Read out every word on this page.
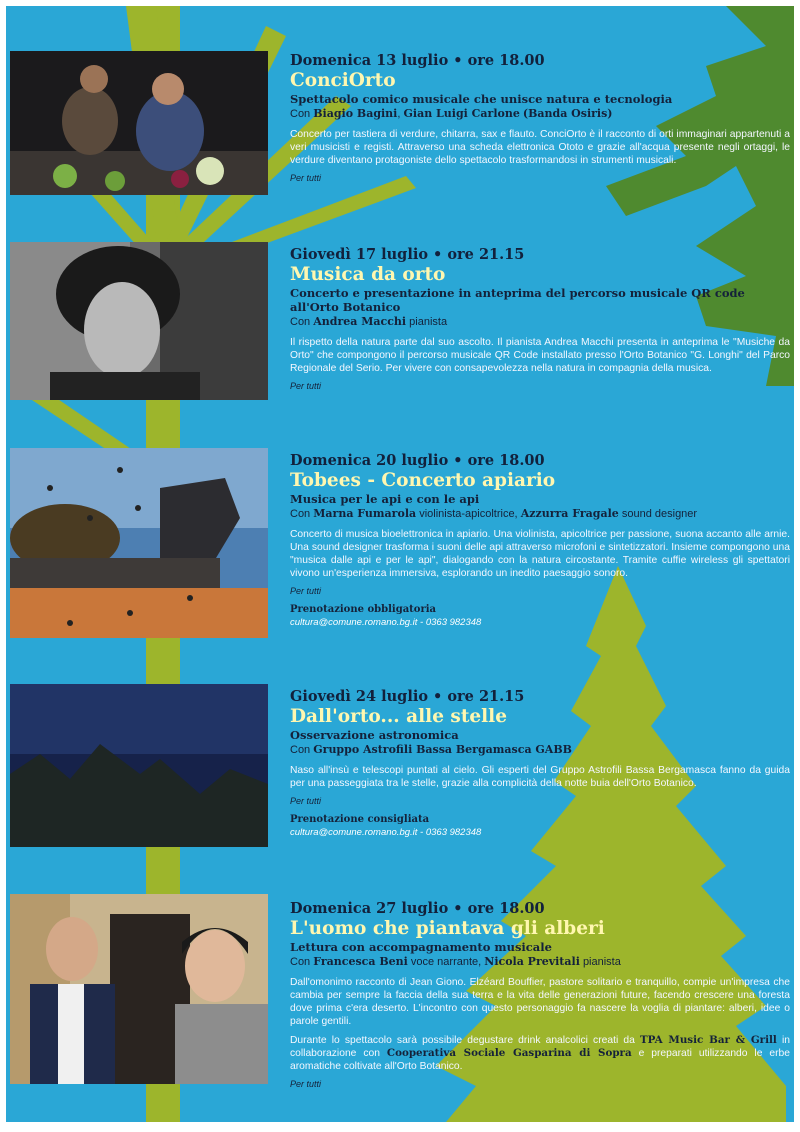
Domenica 13 luglio • ore 18.00
ConciOrto
Spettacolo comico musicale che unisce natura e tecnologia
Con Biagio Bagini, Gian Luigi Carlone (Banda Osiris)
Concerto per tastiera di verdure, chitarra, sax e flauto. ConciOrto è il racconto di orti immaginari appartenuti a veri musicisti e registi. Attraverso una scheda elettronica Ototo e grazie all'acqua presente negli ortaggi, le verdure diventano protagoniste dello spettacolo trasformandosi in strumenti musicali.
Per tutti
Giovedì 17 luglio • ore 21.15
Musica da orto
Concerto e presentazione in anteprima del percorso musicale QR code all'Orto Botanico
Con Andrea Macchi pianista
Il rispetto della natura parte dal suo ascolto. Il pianista Andrea Macchi presenta in anteprima le "Musiche da Orto" che compongono il percorso musicale QR Code installato presso l'Orto Botanico "G. Longhi" del Parco Regionale del Serio. Per vivere con consapevolezza nella natura in compagnia della musica.
Per tutti
Domenica 20 luglio • ore 18.00
Tobees - Concerto apiario
Musica per le api e con le api
Con Marna Fumarola violinista-apicoltrice, Azzurra Fragale sound designer
Concerto di musica bioelettronica in apiario. Una violinista, apicoltrice per passione, suona accanto alle arnie. Una sound designer trasforma i suoni delle api attraverso microfoni e sintetizzatori. Insieme compongono una "musica dalle api e per le api", dialogando con la natura circostante. Tramite cuffie wireless gli spettatori vivono un'esperienza immersiva, esplorando un inedito paesaggio sonoro.
Per tutti
Prenotazione obbligatoria
cultura@comune.romano.bg.it - 0363 982348
Giovedì 24 luglio • ore 21.15
Dall'orto... alle stelle
Osservazione astronomica
Con Gruppo Astrofili Bassa Bergamasca GABB
Naso all'insù e telescopi puntati al cielo. Gli esperti del Gruppo Astrofili Bassa Bergamasca fanno da guida per una passeggiata tra le stelle, grazie alla complicità della notte buia dell'Orto Botanico.
Per tutti
Prenotazione consigliata
cultura@comune.romano.bg.it - 0363 982348
Domenica 27 luglio • ore 18.00
L'uomo che piantava gli alberi
Lettura con accompagnamento musicale
Con Francesca Beni voce narrante, Nicola Previtali pianista

Dall'omonimo racconto di Jean Giono. Elzéard Bouffier, pastore solitario e tranquillo, compie un'impresa che cambia per sempre la faccia della sua terra e la vita delle generazioni future, facendo crescere una foresta dove prima c'era deserto. L'incontro con questo personaggio fa nascere la voglia di piantare: alberi, idee o parole gentili.

Durante lo spettacolo sarà possibile degustare drink analcolici creati da TPA Music Bar & Grill in collaborazione con Cooperativa Sociale Gasparina di Sopra e preparati utilizzando le erbe aromatiche coltivate all'Orto Botanico.

Per tutti
